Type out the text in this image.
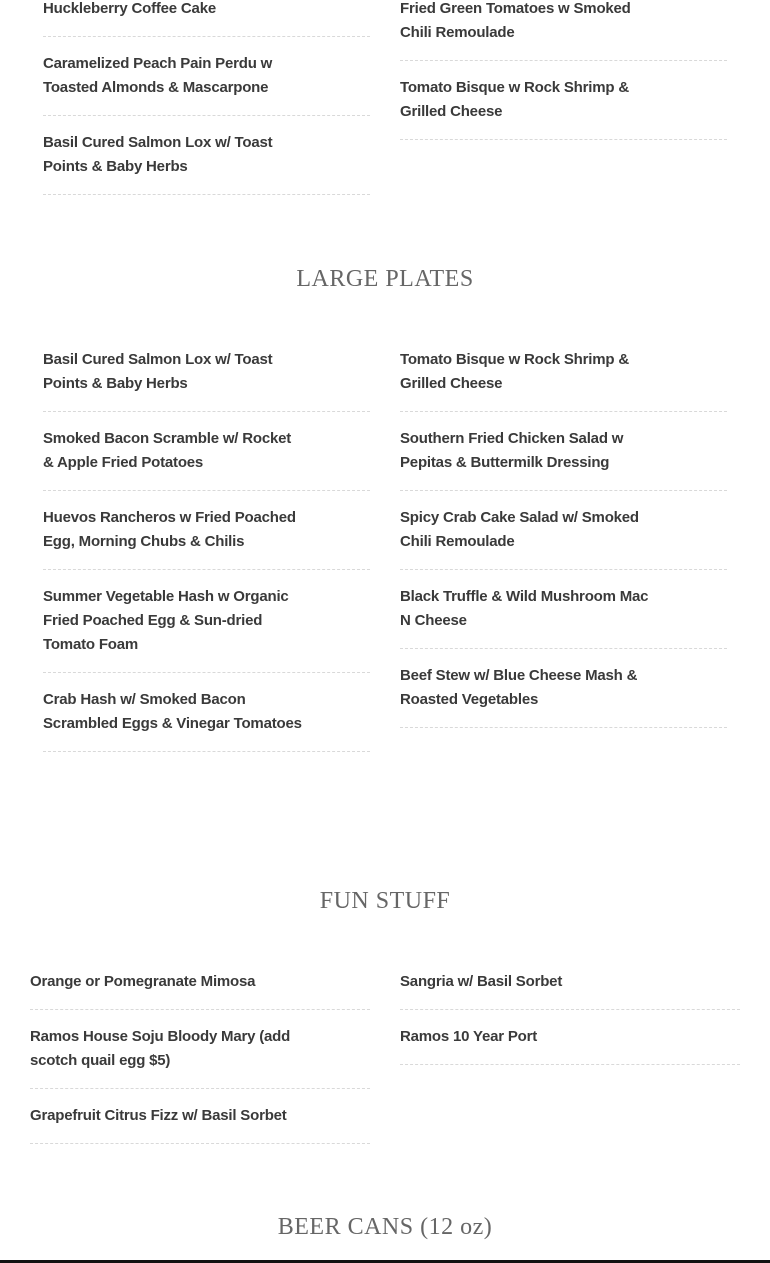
Huckleberry Coffee Cake
Caramelized Peach Pain Perdu w Toasted Almonds & Mascarpone
Basil Cured Salmon Lox w/ Toast Points & Baby Herbs
Fried Green Tomatoes w Smoked Chili Remoulade
Tomato Bisque w Rock Shrimp & Grilled Cheese
LARGE PLATES
Basil Cured Salmon Lox w/ Toast Points & Baby Herbs
Smoked Bacon Scramble w/ Rocket & Apple Fried Potatoes
Huevos Rancheros w Fried Poached Egg, Morning Chubs & Chilis
Summer Vegetable Hash w Organic Fried Poached Egg & Sun-dried Tomato Foam
Crab Hash w/ Smoked Bacon Scrambled Eggs & Vinegar Tomatoes
Tomato Bisque w Rock Shrimp & Grilled Cheese
Southern Fried Chicken Salad w Pepitas & Buttermilk Dressing
Spicy Crab Cake Salad w/ Smoked Chili Remoulade
Black Truffle & Wild Mushroom Mac N Cheese
Beef Stew w/ Blue Cheese Mash & Roasted Vegetables
FUN STUFF
Orange or Pomegranate Mimosa
Ramos House Soju Bloody Mary (add scotch quail egg $5)
Grapefruit Citrus Fizz w/ Basil Sorbet
Sangria w/ Basil Sorbet
Ramos 10 Year Port
BEER CANS (12 oz)
